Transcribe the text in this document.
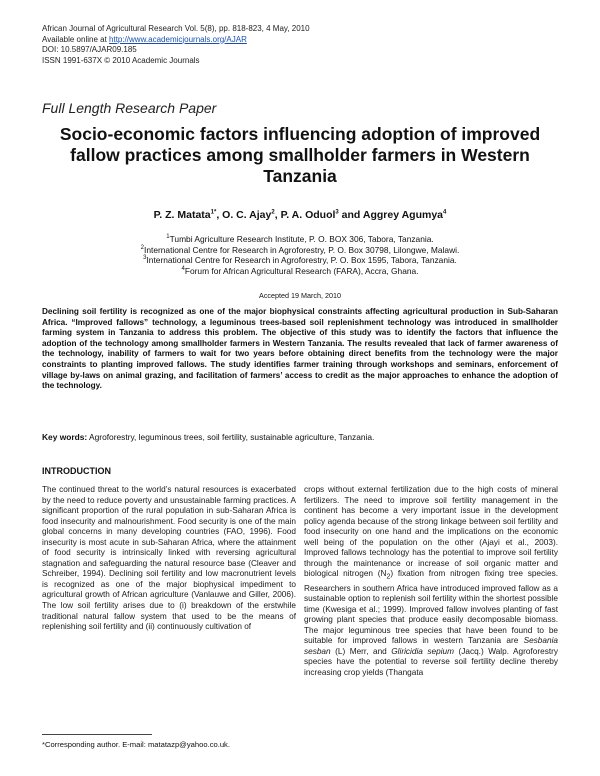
African Journal of Agricultural Research Vol. 5(8), pp. 818-823, 4 May, 2010
Available online at http://www.academicjournals.org/AJAR
DOI: 10.5897/AJAR09.185
ISSN 1991-637X © 2010 Academic Journals
Full Length Research Paper
Socio-economic factors influencing adoption of improved fallow practices among smallholder farmers in Western Tanzania
P. Z. Matata$^{1*}$, O. C. Ajay$^2$, P. A. Oduol$^3$ and Aggrey Agumya$^4$
$^1$Tumbi Agriculture Research Institute, P. O. BOX 306, Tabora, Tanzania.
$^2$International Centre for Research in Agroforestry, P. O. Box 30798, Lilongwe, Malawi.
$^3$International Centre for Research in Agroforestry, P. O. Box 1595, Tabora, Tanzania.
$^4$Forum for African Agricultural Research (FARA), Accra, Ghana.
Accepted 19 March, 2010

Declining soil fertility is recognized as one of the major biophysical constraints affecting agricultural production in Sub-Saharan Africa. “Improved fallows” technology, a leguminous trees-based soil replenishment technology was introduced in smallholder farming system in Tanzania to address this problem. The objective of this study was to identify the factors that influence the adoption of the technology among smallholder farmers in Western Tanzania. The results revealed that lack of farmer awareness of the technology, inability of farmers to wait for two years before obtaining direct benefits from the technology were the major constraints to planting improved fallows. The study identifies farmer training through workshops and seminars, enforcement of village by-laws on animal grazing, and facilitation of farmers’ access to credit as the major approaches to enhance the adoption of the technology.

Key words: Agroforestry, leguminous trees, soil fertility, sustainable agriculture, Tanzania.
INTRODUCTION

The continued threat to the world’s natural resources is exacerbated by the need to reduce poverty and unsustainable farming practices. A significant proportion of the rural population in sub-Saharan Africa is food insecurity and malnourishment. Food security is one of the main global concerns in many developing countries (FAO, 1996). Food insecurity is most acute in sub-Saharan Africa, where the attainment of food security is intrinsically linked with reversing agricultural stagnation and safeguarding the natural resource base (Cleaver and Schreiber, 1994). Declining soil fertility and low macronutrient levels is recognized as one of the major biophysical impediment to agricultural growth of African agriculture (Vanlauwe and Giller, 2006). The low soil fertility arises due to (i) breakdown of the erstwhile traditional natural fallow system that used to be the means of replenishing soil fertility and (ii) continuously cultivation of

crops without external fertilization due to the high costs of mineral fertilizers. The need to improve soil fertility management in the continent has become a very important issue in the development policy agenda because of the strong linkage between soil fertility and food insecurity on one hand and the implications on the economic well being of the population on the other (Ajayi et al., 2003). Improved fallows technology has the potential to improve soil fertility through the maintenance or increase of soil organic matter and biological nitrogen $(N_2)$ fixation from nitrogen fixing tree species. Researchers in southern Africa have introduced improved fallow as a sustainable option to replenish soil fertility within the shortest possible time (Kwesiga et al.; 1999). Improved fallow involves planting of fast growing plant species that produce easily decomposable biomass. The major leguminous tree species that have been found to be suitable for improved fallows in western Tanzania are Sesbania sesban (L) Merr, and Gliricidia sepium (Jacq.) Walp. Agroforestry species have the potential to reverse soil fertility decline thereby increasing crop yields (Thangata

*Corresponding author. E-mail: matatazp@yahoo.co.uk.
